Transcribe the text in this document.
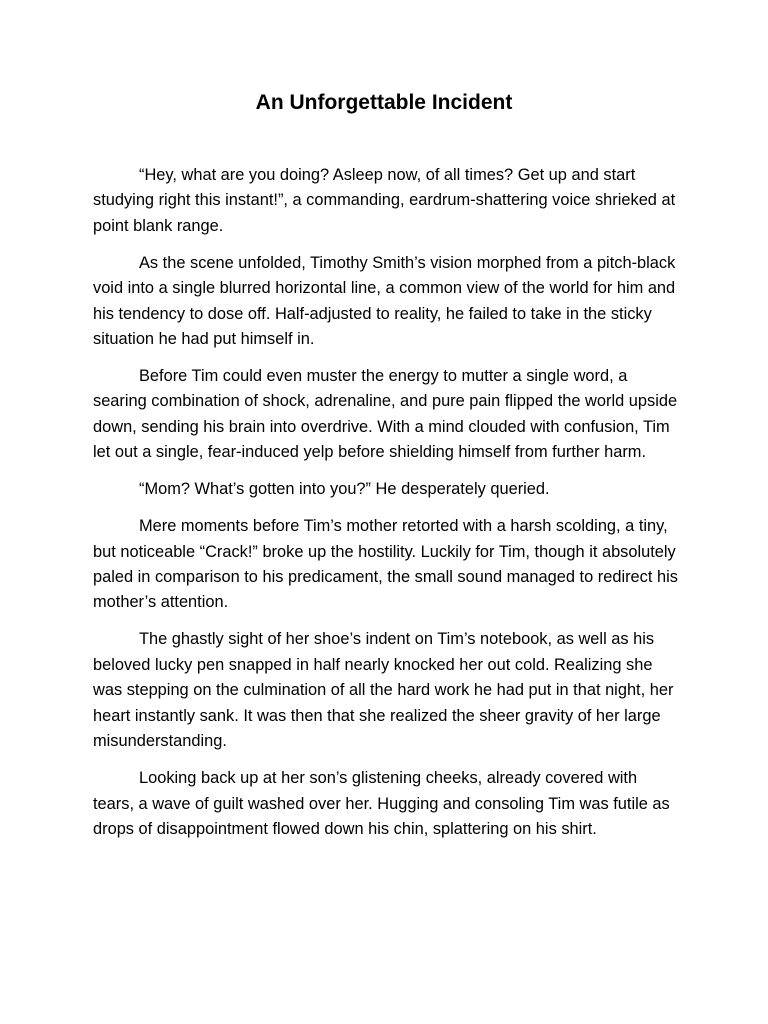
An Unforgettable Incident

“Hey, what are you doing? Asleep now, of all times? Get up and start studying right this instant!”, a commanding, eardrum-shattering voice shrieked at point blank range.

As the scene unfolded, Timothy Smith’s vision morphed from a pitch-black void into a single blurred horizontal line, a common view of the world for him and his tendency to dose off. Half-adjusted to reality, he failed to take in the sticky situation he had put himself in.

Before Tim could even muster the energy to mutter a single word, a searing combination of shock, adrenaline, and pure pain flipped the world upside down, sending his brain into overdrive. With a mind clouded with confusion, Tim let out a single, fear-induced yelp before shielding himself from further harm.

“Mom? What’s gotten into you?” He desperately queried.

Mere moments before Tim’s mother retorted with a harsh scolding, a tiny, but noticeable “Crack!” broke up the hostility. Luckily for Tim, though it absolutely paled in comparison to his predicament, the small sound managed to redirect his mother’s attention.

The ghastly sight of her shoe’s indent on Tim’s notebook, as well as his beloved lucky pen snapped in half nearly knocked her out cold. Realizing she was stepping on the culmination of all the hard work he had put in that night, her heart instantly sank. It was then that she realized the sheer gravity of her large misunderstanding.

Looking back up at her son’s glistening cheeks, already covered with tears, a wave of guilt washed over her. Hugging and consoling Tim was futile as drops of disappointment flowed down his chin, splattering on his shirt.
